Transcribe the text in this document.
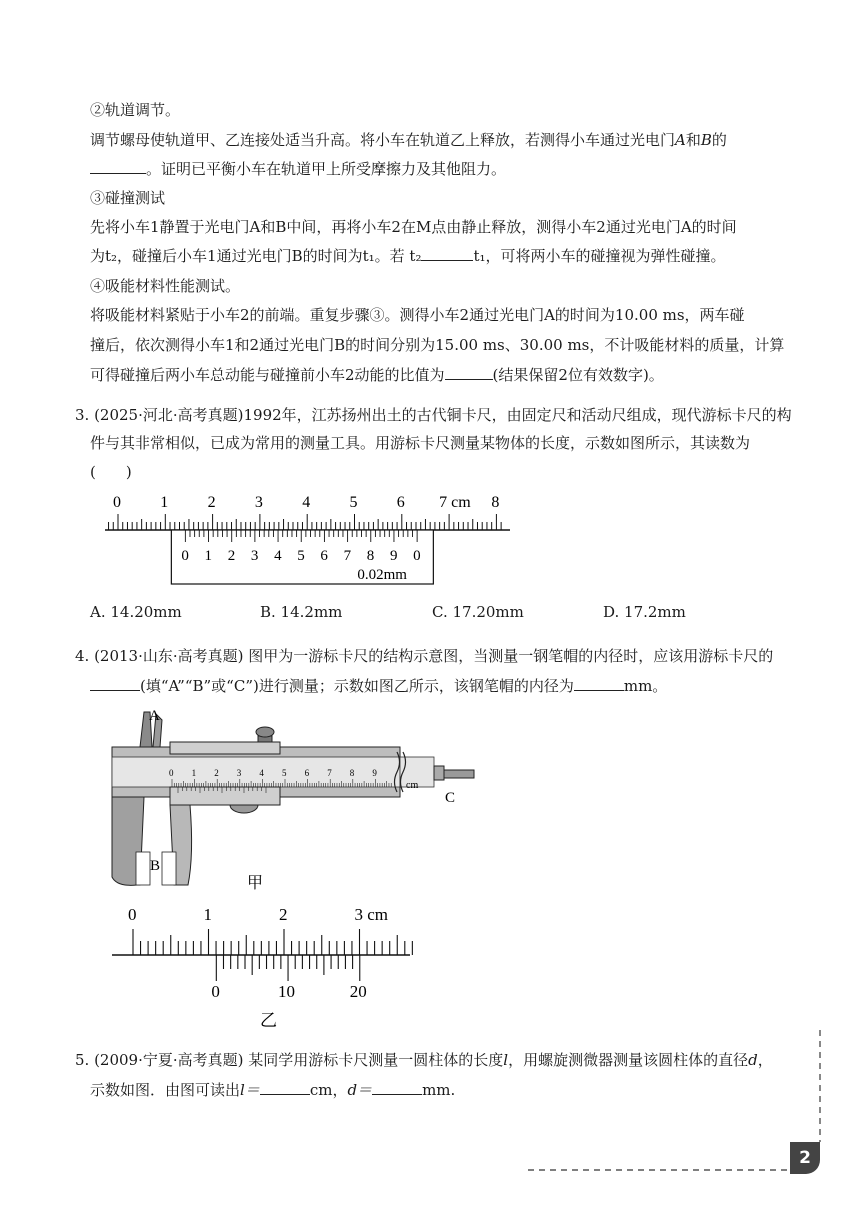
②轨道调节。
调节螺母使轨道甲、乙连接处适当升高。将小车在轨道乙上释放，若测得小车通过光电门A和B的
。证明已平衡小车在轨道甲上所受摩擦力及其他阻力。
③碰撞测试
先将小车1静置于光电门A和B中间，再将小车2在M点由静止释放，测得小车2通过光电门A的时间
为t₂，碰撞后小车1通过光电门B的时间为t₁。若 t₂	t₁，可将两小车的碰撞视为弹性碰撞。
④吸能材料性能测试。
将吸能材料紧贴于小车2的前端。重复步骤③。测得小车2通过光电门A的时间为10.00 ms，两车碰
撞后，依次测得小车1和2通过光电门B的时间分别为15.00 ms、30.00 ms，不计吸能材料的质量，计算
可得碰撞后两小车总动能与碰撞前小车2动能的比值为	(结果保留2位有效数字)。
3. (2025·河北·高考真题)1992年，江苏扬州出土的古代铜卡尺，由固定尺和活动尺组成，现代游标卡尺的构
件与其非常相似，已成为常用的测量工具。用游标卡尺测量某物体的长度，示数如图所示，其读数为
(　　)
0 1 2 3 4 5 6 7 cm 8
0 1 2 3 4 5 6 7 8 9 0
0.02mm
A. 14.20mm	B. 14.2mm	C. 17.20mm	D. 17.2mm
4. (2013·山东·高考真题) 图甲为一游标卡尺的结构示意图，当测量一钢笔帽的内径时，应该用游标卡尺的
(填“A”“B”或“C”)进行测量；示数如图乙所示，该钢笔帽的内径为	mm。
0 1 2 3 4 5 6 7 8 9
A
B
C
cm
甲
0	1	2	3 cm
0	10	20
乙
5. (2009·宁夏·高考真题) 某同学用游标卡尺测量一圆柱体的长度l，用螺旋测微器测量该圆柱体的直径d，
示数如图．由图可读出l＝	cm，d＝	mm.
2
